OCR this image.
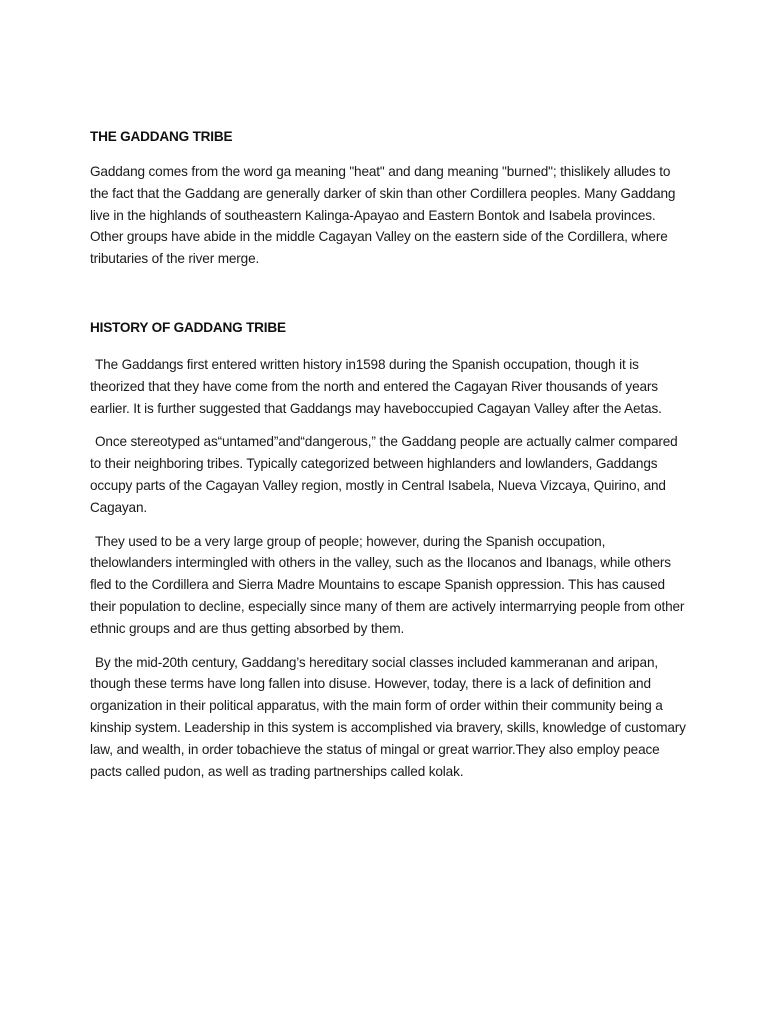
THE GADDANG TRIBE

Gaddang comes from the word ga meaning "heat" and dang meaning "burned"; thislikely alludes to the fact that the Gaddang are generally darker of skin than other Cordillera peoples. Many Gaddang live in the highlands of southeastern Kalinga-Apayao and Eastern Bontok and Isabela provinces. Other groups have abide in the middle Cagayan Valley on the eastern side of the Cordillera, where tributaries of the river merge.

HISTORY OF GADDANG TRIBE

The Gaddangs first entered written history in1598 during the Spanish occupation, though it is theorized that they have come from the north and entered the Cagayan River thousands of years earlier. It is further suggested that Gaddangs may haveboccupied Cagayan Valley after the Aetas.

Once stereotyped as“untamed”and“dangerous,” the Gaddang people are actually calmer compared to their neighboring tribes. Typically categorized between highlanders and lowlanders, Gaddangs occupy parts of the Cagayan Valley region, mostly in Central Isabela, Nueva Vizcaya, Quirino, and Cagayan.

They used to be a very large group of people; however, during the Spanish occupation, thelowlanders intermingled with others in the valley, such as the Ilocanos and Ibanags, while others fled to the Cordillera and Sierra Madre Mountains to escape Spanish oppression. This has caused their population to decline, especially since many of them are actively intermarrying people from other ethnic groups and are thus getting absorbed by them.

By the mid-20th century, Gaddang’s hereditary social classes included kammeranan and aripan, though these terms have long fallen into disuse. However, today, there is a lack of definition and organization in their political apparatus, with the main form of order within their community being a kinship system. Leadership in this system is accomplished via bravery, skills, knowledge of customary law, and wealth, in order tobachieve the status of mingal or great warrior.They also employ peace pacts called pudon, as well as trading partnerships called kolak.
